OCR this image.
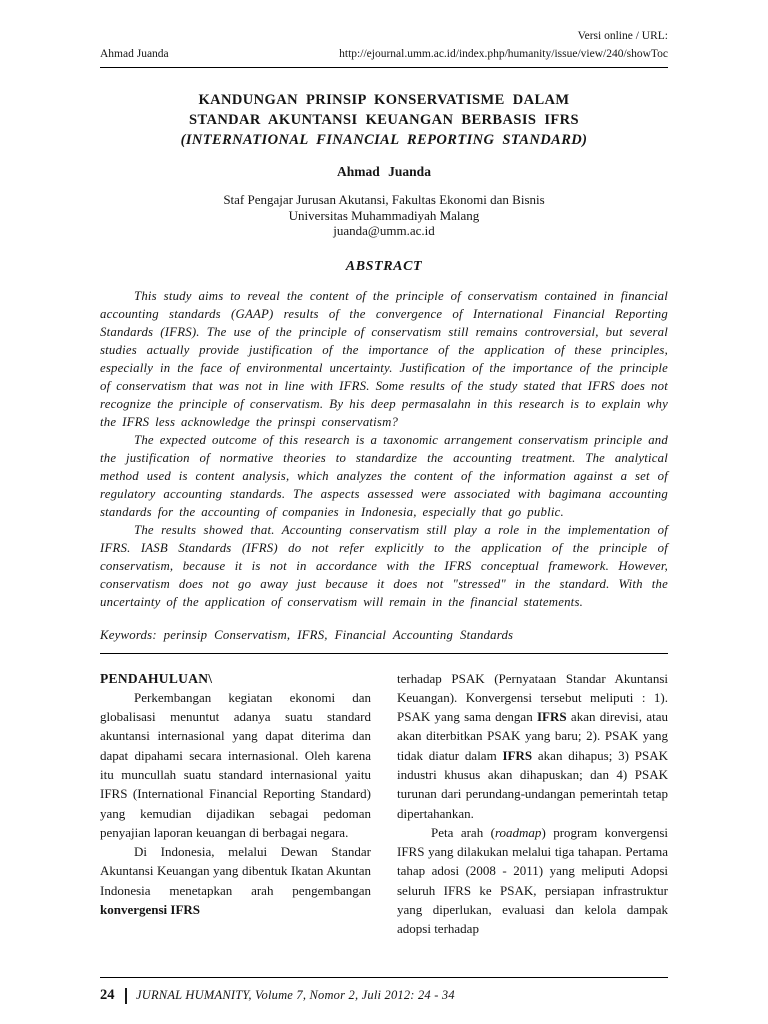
Versi online / URL:
Ahmad Juanda	http://ejournal.umm.ac.id/index.php/humanity/issue/view/240/showToc
KANDUNGAN PRINSIP KONSERVATISME DALAM
STANDAR AKUNTANSI KEUANGAN BERBASIS IFRS
(INTERNATIONAL FINANCIAL REPORTING STANDARD)
Ahmad Juanda
Staf Pengajar Jurusan Akutansi, Fakultas Ekonomi dan Bisnis
Universitas Muhammadiyah Malang
juanda@umm.ac.id
ABSTRACT

This study aims to reveal the content of the principle of conservatism contained in financial accounting standards (GAAP) results of the convergence of International Financial Reporting Standards (IFRS). The use of the principle of conservatism still remains controversial, but several studies actually provide justification of the importance of the application of these principles, especially in the face of environmental uncertainty. Justification of the importance of the principle of conservatism that was not in line with IFRS. Some results of the study stated that IFRS does not recognize the principle of conservatism. By his deep permasalahn in this research is to explain why the IFRS less acknowledge the prinspi conservatism?

The expected outcome of this research is a taxonomic arrangement conservatism principle and the justification of normative theories to standardize the accounting treatment. The analytical method used is content analysis, which analyzes the content of the information against a set of regulatory accounting standards. The aspects assessed were associated with bagimana accounting standards for the accounting of companies in Indonesia, especially that go public.

The results showed that. Accounting conservatism still play a role in the implementation of IFRS. IASB Standards (IFRS) do not refer explicitly to the application of the principle of conservatism, because it is not in accordance with the IFRS conceptual framework. However, conservatism does not go away just because it does not "stressed" in the standard. With the uncertainty of the application of conservatism will remain in the financial statements.

Keywords: perinsip Conservatism, IFRS, Financial Accounting Standards

PENDAHULUAN\

Perkembangan kegiatan ekonomi dan globalisasi menuntut adanya suatu standard akuntansi internasional yang dapat diterima dan dapat dipahami secara internasional. Oleh karena itu muncullah suatu standard internasional yaitu IFRS (International Financial Reporting Standard) yang kemudian dijadikan sebagai pedoman penyajian laporan keuangan di berbagai negara.

Di Indonesia, melalui Dewan Standar Akuntansi Keuangan yang dibentuk Ikatan Akuntan Indonesia menetapkan arah pengembangan konvergensi IFRS

terhadap PSAK (Pernyataan Standar Akuntansi Keuangan). Konvergensi tersebut meliputi : 1). PSAK yang sama dengan IFRS akan direvisi, atau akan diterbitkan PSAK yang baru; 2). PSAK yang tidak diatur dalam IFRS akan dihapus; 3) PSAK industri khusus akan dihapuskan; dan 4) PSAK turunan dari perundang-undangan pemerintah tetap dipertahankan.

Peta arah (roadmap) program konvergensi IFRS yang dilakukan melalui tiga tahapan. Pertama tahap adosi (2008 - 2011) yang meliputi Adopsi seluruh IFRS ke PSAK, persiapan infrastruktur yang diperlukan, evaluasi dan kelola dampak adopsi terhadap

24 JURNAL HUMANITY, Volume 7, Nomor 2, Juli 2012: 24 - 34
